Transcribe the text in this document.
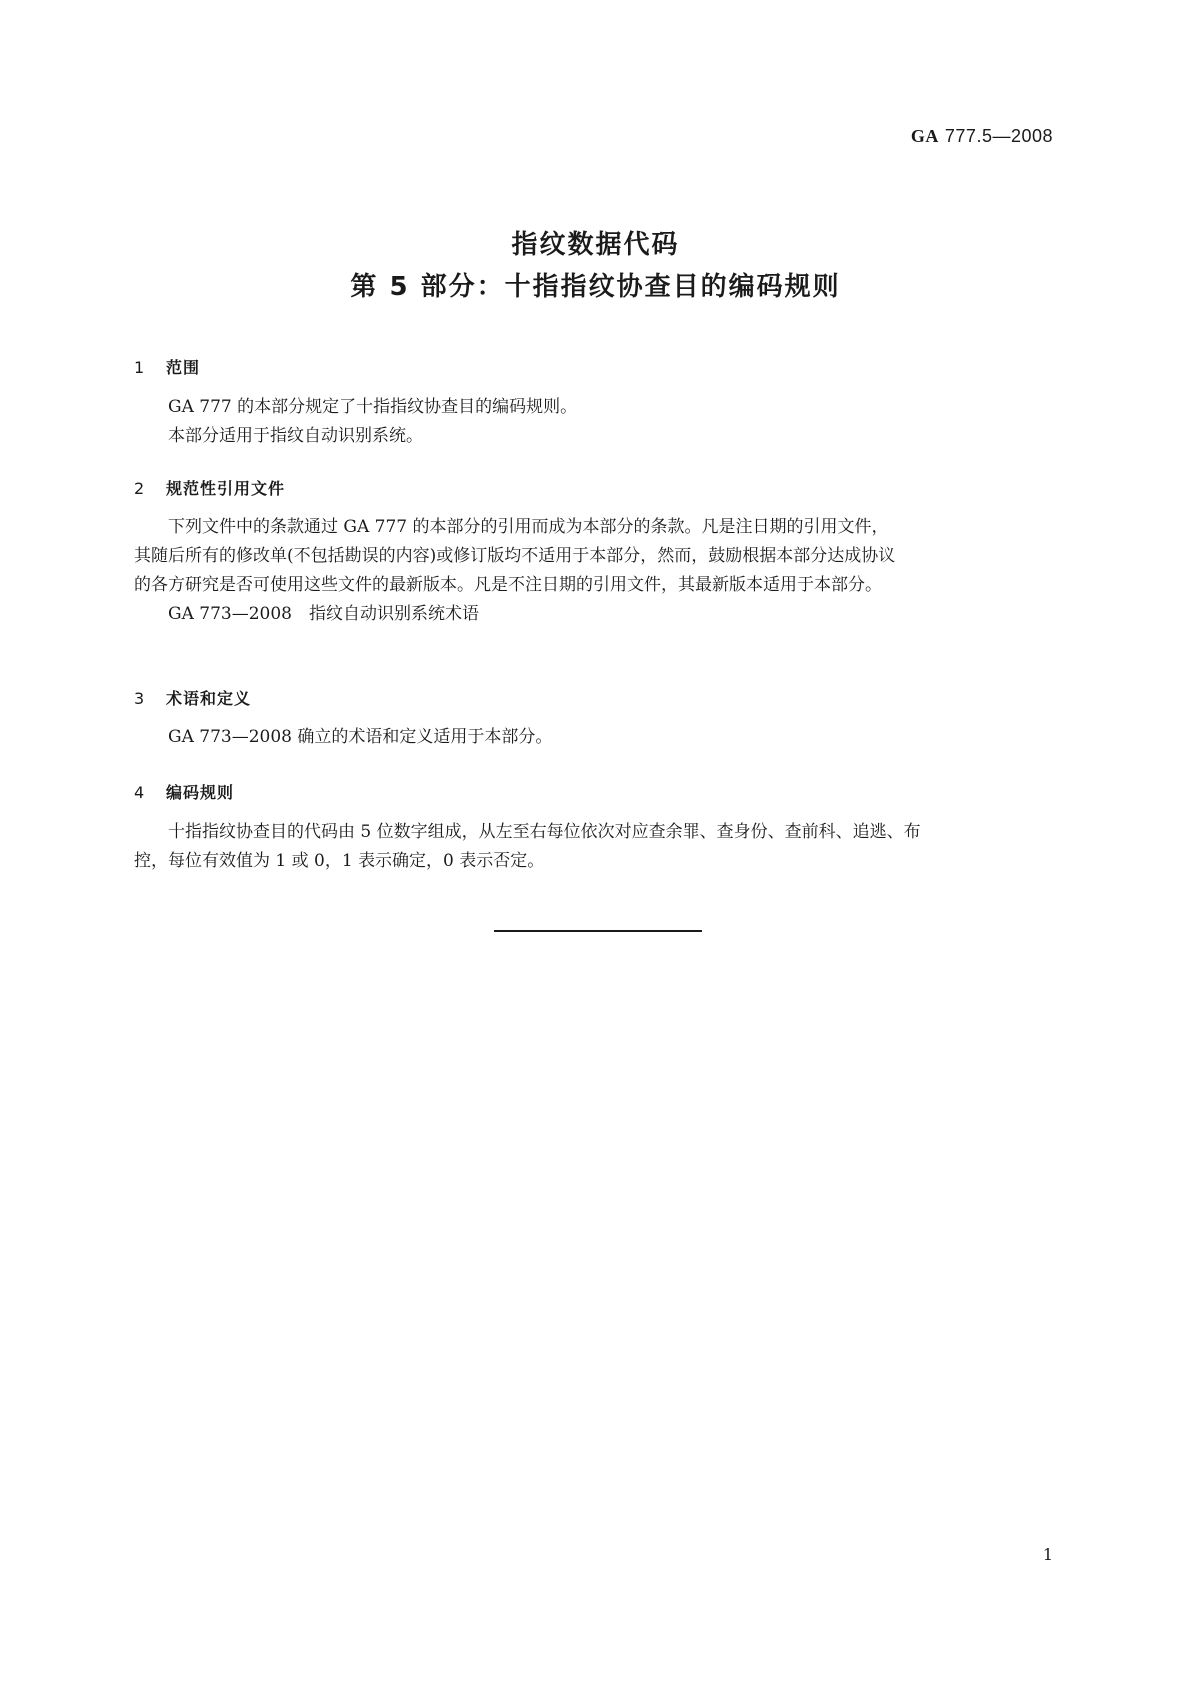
GA 777.5—2008
指纹数据代码
第 5 部分：十指指纹协查目的编码规则
1 范围
GA 777 的本部分规定了十指指纹协查目的编码规则。
本部分适用于指纹自动识别系统。
2 规范性引用文件
下列文件中的条款通过 GA 777 的本部分的引用而成为本部分的条款。凡是注日期的引用文件，
其随后所有的修改单(不包括勘误的内容)或修订版均不适用于本部分，然而，鼓励根据本部分达成协议
的各方研究是否可使用这些文件的最新版本。凡是不注日期的引用文件，其最新版本适用于本部分。
GA 773—2008　指纹自动识别系统术语
3 术语和定义
GA 773—2008 确立的术语和定义适用于本部分。
4 编码规则
十指指纹协查目的代码由 5 位数字组成，从左至右每位依次对应查余罪、查身份、查前科、追逃、布
控，每位有效值为 1 或 0，1 表示确定，0 表示否定。
1
